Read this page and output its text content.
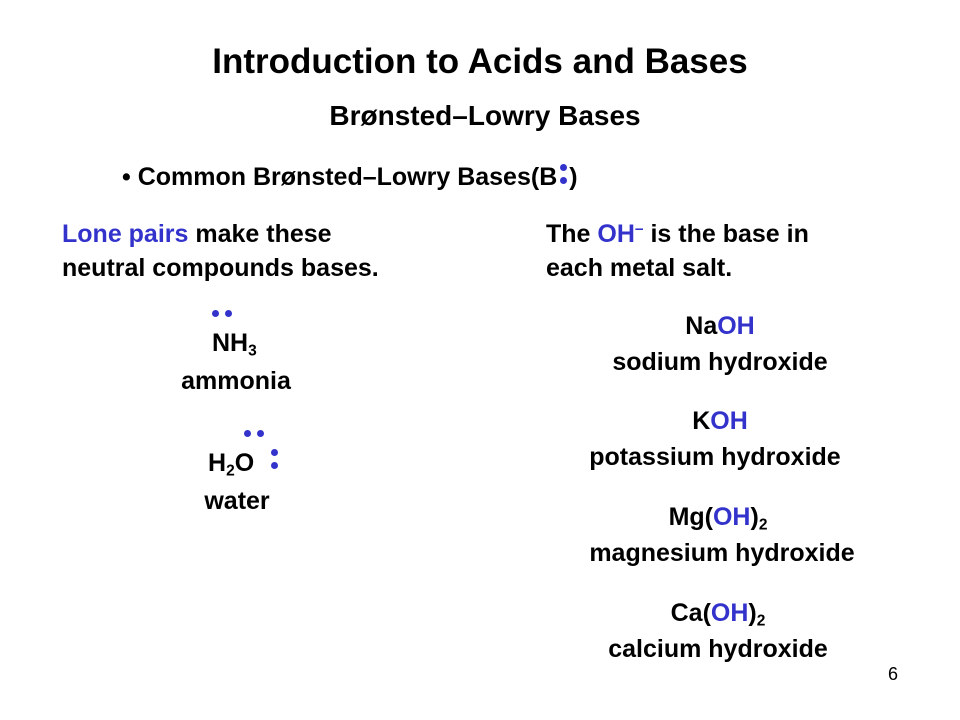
Introduction to Acids and Bases
Brønsted–Lowry Bases
• Common Brønsted–Lowry Bases(B )
Lone pairs make these
neutral compounds bases.
The OH– is the base in
each metal salt.
$NH_3$
ammonia
$H_2O$
water
NaOH
sodium hydroxide
KOH
potassium hydroxide
$Mg(OH)_2$
magnesium hydroxide
$Ca(OH)_2$
calcium hydroxide
6
